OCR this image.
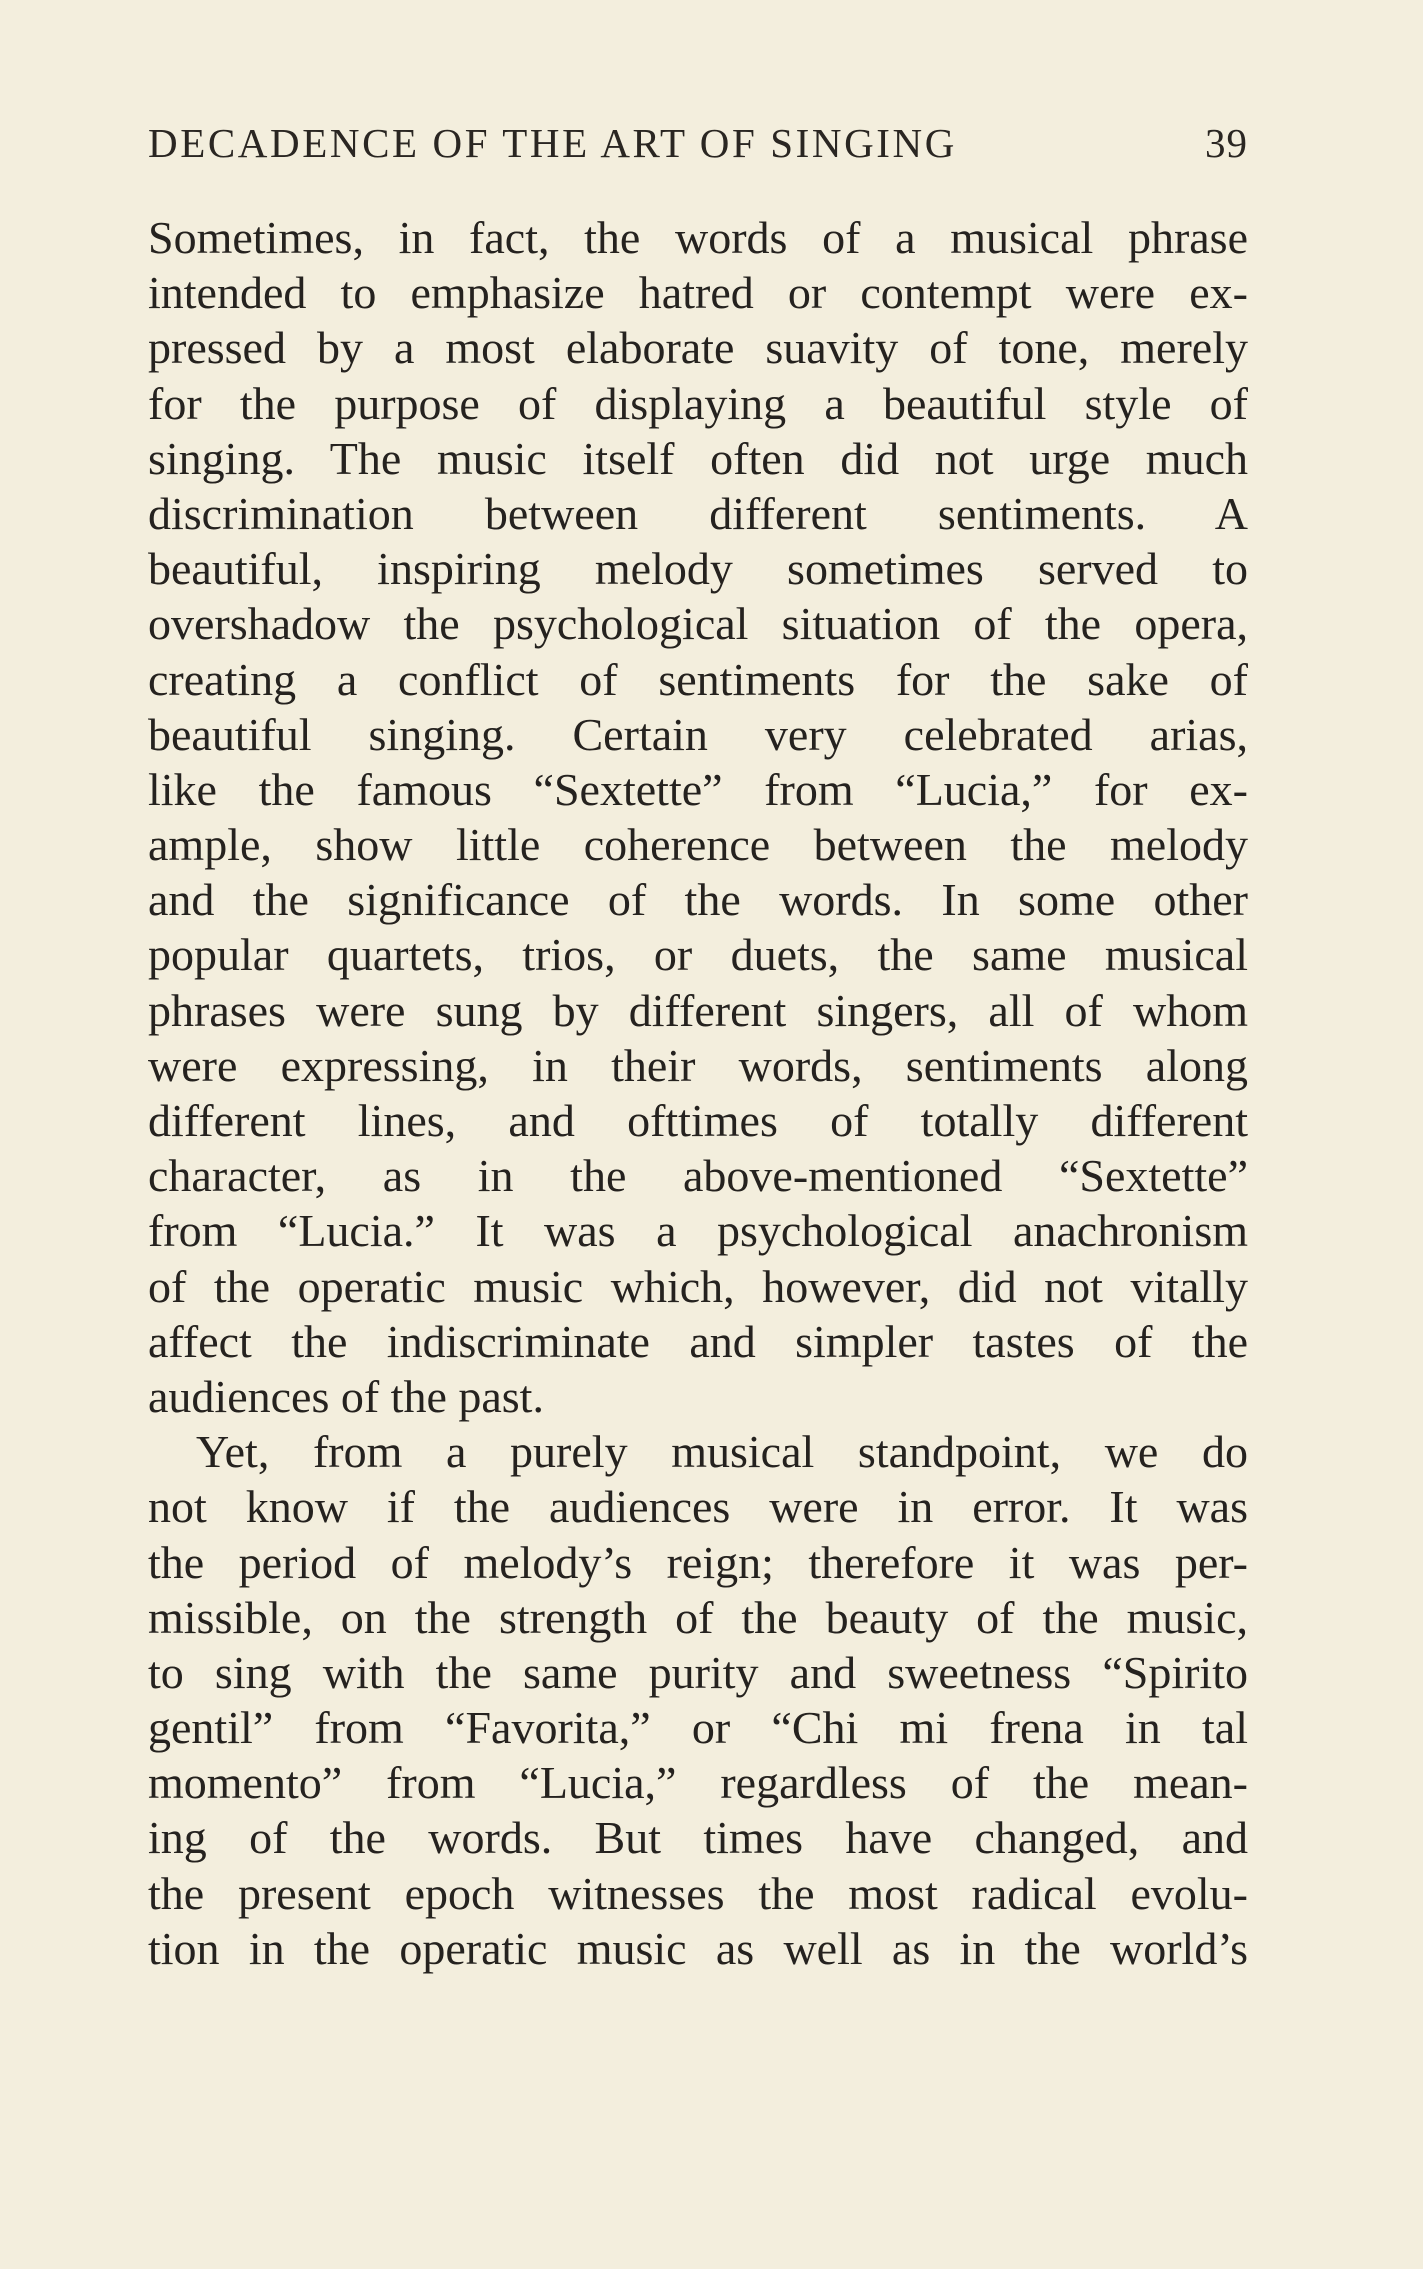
DECADENCE OF THE ART OF SINGING	39
Sometimes, in fact, the words of a musical phrase
intended to emphasize hatred or contempt were ex-
pressed by a most elaborate suavity of tone, merely
for the purpose of displaying a beautiful style of
singing. The music itself often did not urge much
discrimination between different sentiments. A
beautiful, inspiring melody sometimes served to
overshadow the psychological situation of the opera,
creating a conflict of sentiments for the sake of
beautiful singing. Certain very celebrated arias,
like the famous “Sextette” from “Lucia,” for ex-
ample, show little coherence between the melody
and the significance of the words. In some other
popular quartets, trios, or duets, the same musical
phrases were sung by different singers, all of whom
were expressing, in their words, sentiments along
different lines, and ofttimes of totally different
character, as in the above-mentioned “Sextette”
from “Lucia.” It was a psychological anachronism
of the operatic music which, however, did not vitally
affect the indiscriminate and simpler tastes of the
audiences of the past.
Yet, from a purely musical standpoint, we do
not know if the audiences were in error. It was
the period of melody’s reign; therefore it was per-
missible, on the strength of the beauty of the music,
to sing with the same purity and sweetness “Spirito
gentil” from “Favorita,” or “Chi mi frena in tal
momento” from “Lucia,” regardless of the mean-
ing of the words. But times have changed, and
the present epoch witnesses the most radical evolu-
tion in the operatic music as well as in the world’s
